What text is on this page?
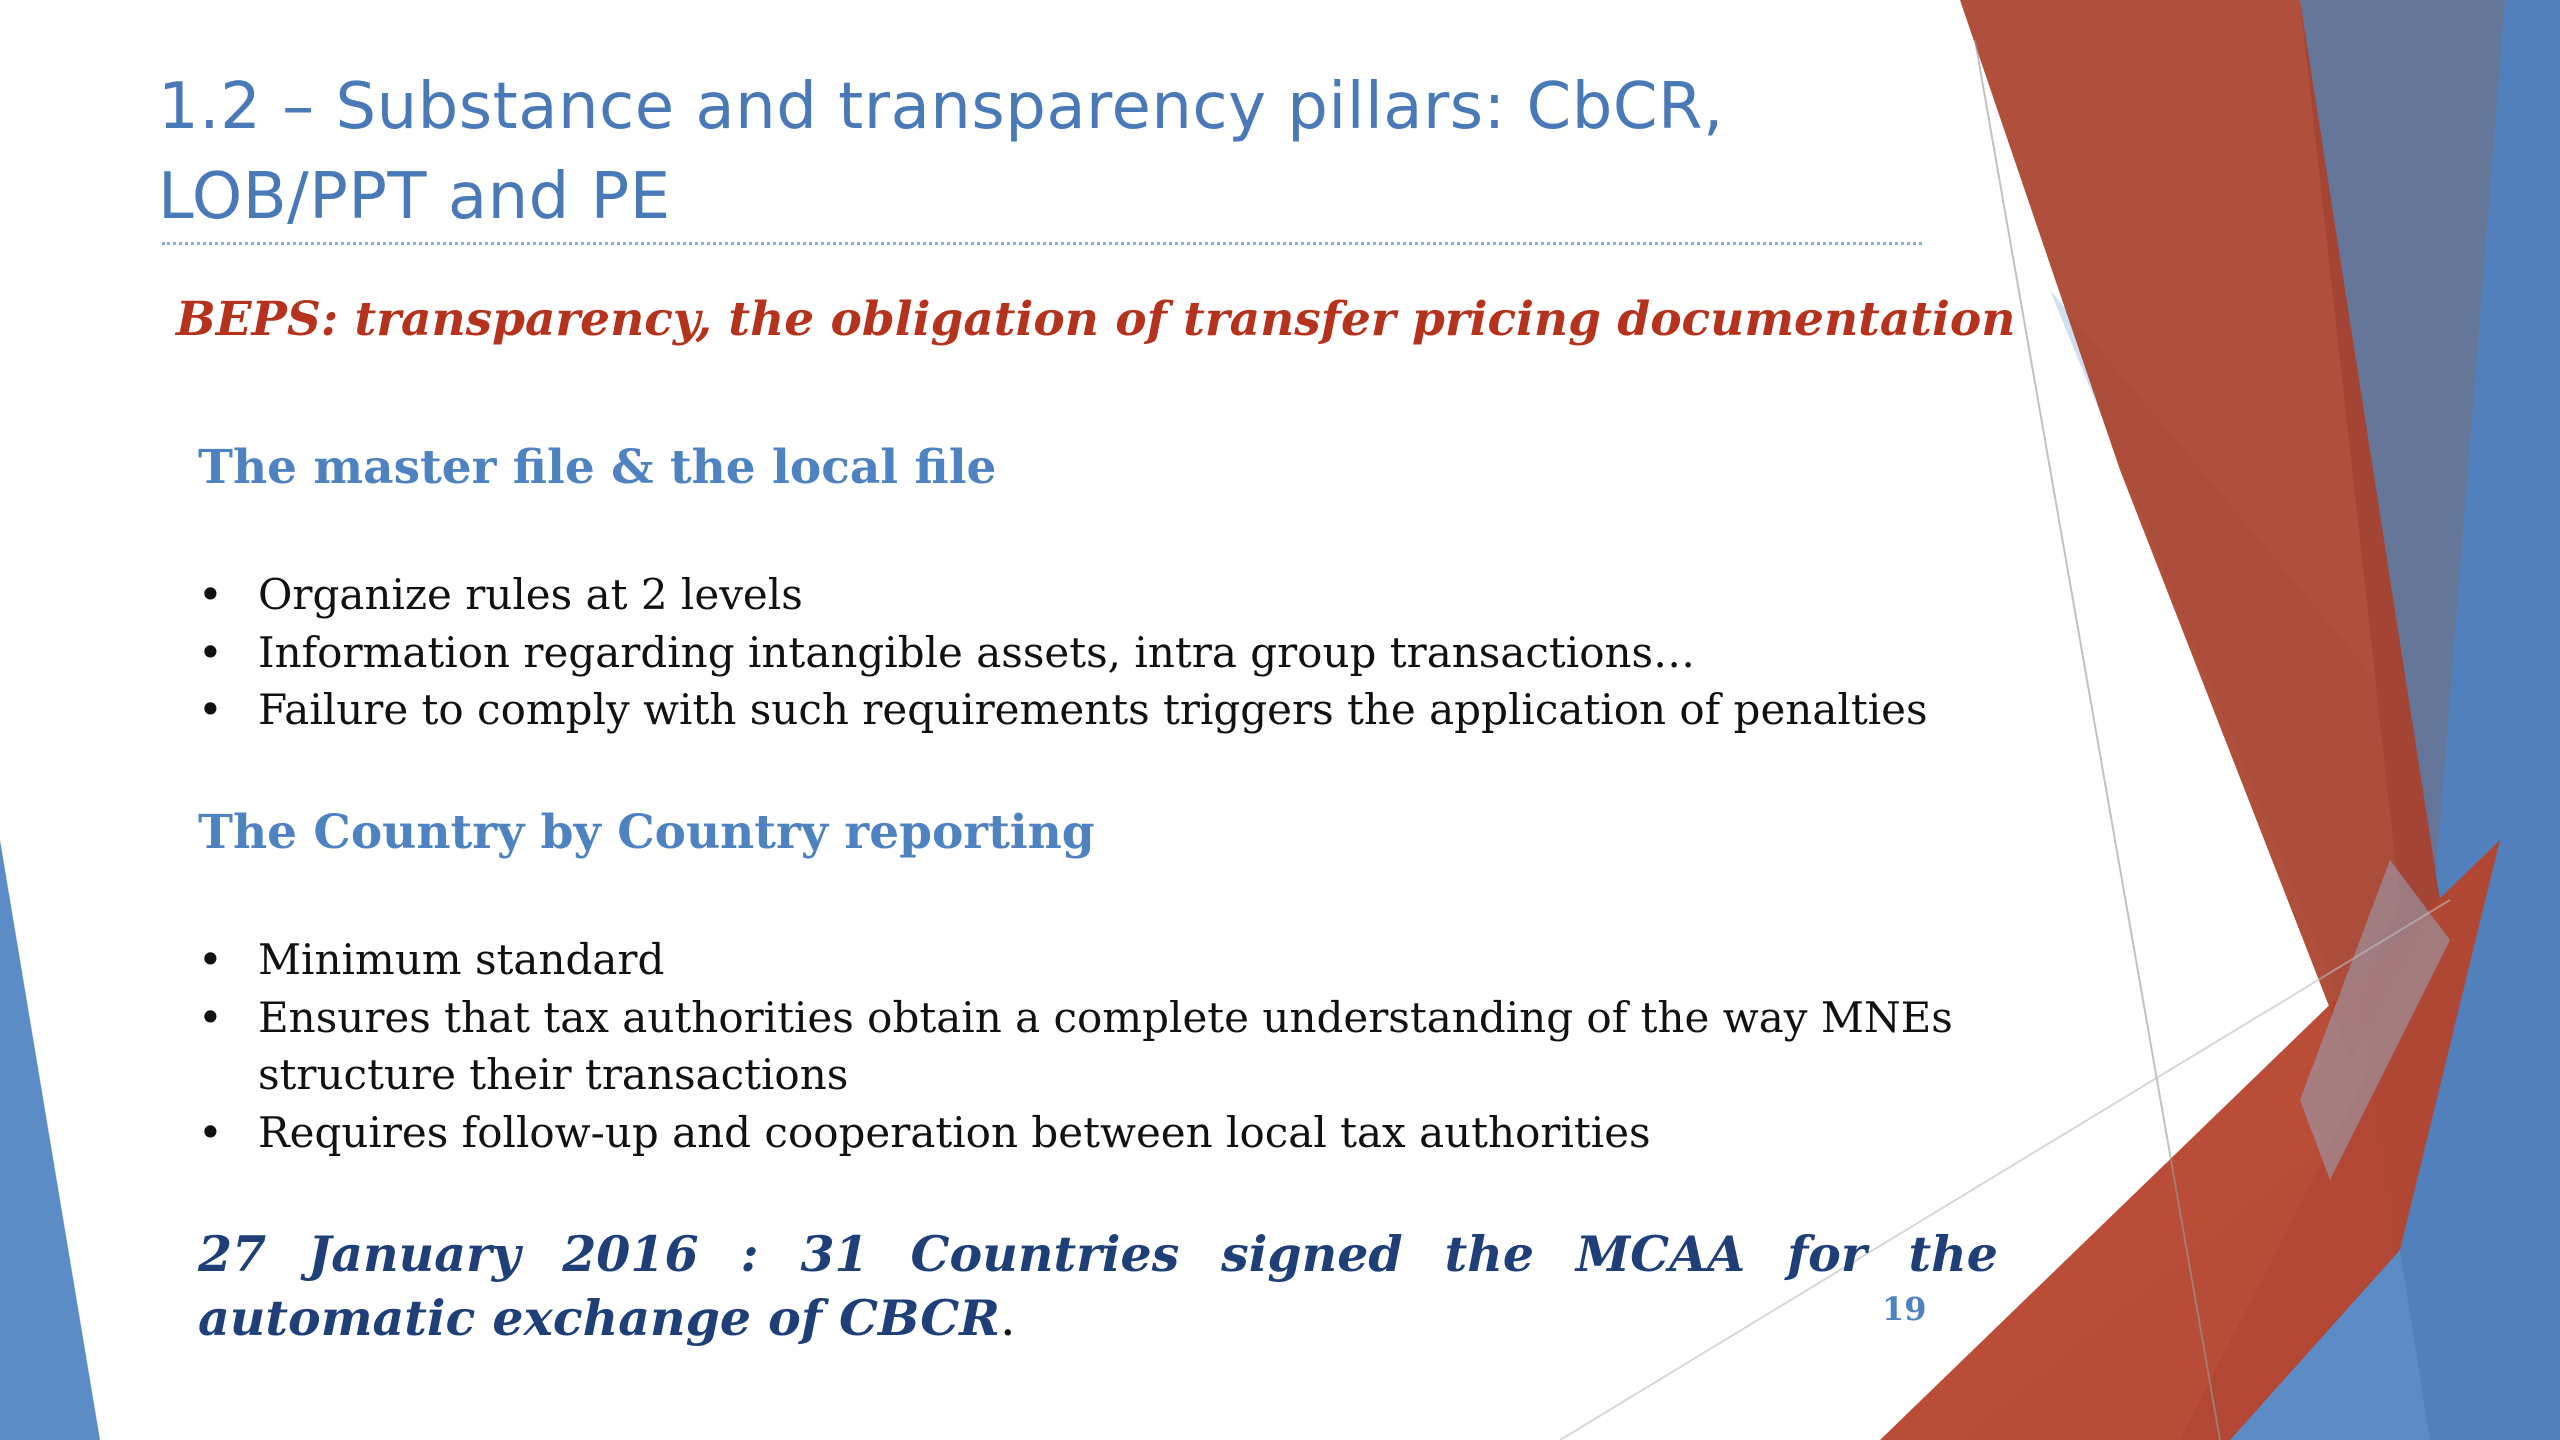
1.2 – Substance and transparency pillars: CbCR, LOB/PPT and PE

BEPS: transparency, the obligation of transfer pricing documentation

The master file & the local file
• Organize rules at 2 levels
• Information regarding intangible assets, intra group transactions…
• Failure to comply with such requirements triggers the application of penalties
The Country by Country reporting
• Minimum standard
• Ensures that tax authorities obtain a complete understanding of the way MNEs structure their transactions
• Requires follow-up and cooperation between local tax authorities

27 January 2016 : 31 Countries signed the MCAA for the automatic exchange of CBCR.	19
